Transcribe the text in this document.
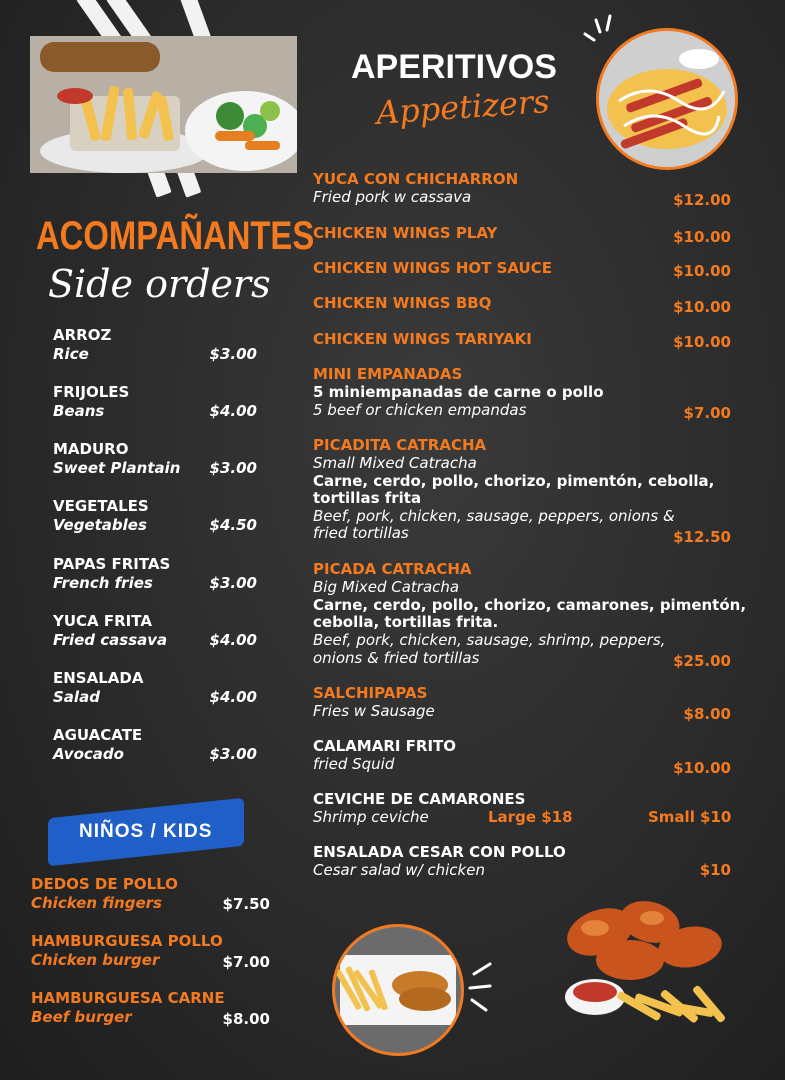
ACOMPAÑANTES
Side orders
ARROZ
Rice	$3.00
FRIJOLES
Beans	$4.00
MADURO
Sweet Plantain	$3.00
VEGETALES
Vegetables	$4.50
PAPAS FRITAS
French fries	$3.00
YUCA FRITA
Fried cassava	$4.00
ENSALADA
Salad	$4.00
AGUACATE
Avocado	$3.00
NIÑOS / KIDS
DEDOS DE POLLO
Chicken fingers	$7.50
HAMBURGUESA POLLO
Chicken burger	$7.00
HAMBURGUESA CARNE
Beef burger	$8.00
APERITIVOS
Appetizers
YUCA CON CHICHARRON
Fried pork w cassava	$12.00
CHICKEN WINGS PLAY	$10.00
CHICKEN WINGS HOT SAUCE	$10.00
CHICKEN WINGS BBQ	$10.00
CHICKEN WINGS TARIYAKI	$10.00
MINI EMPANADAS
5 miniempanadas de carne o pollo
5 beef or chicken empandas	$7.00
PICADITA CATRACHA
Small Mixed Catracha
Carne, cerdo, pollo, chorizo, pimentón, cebolla,
tortillas frita
Beef, pork, chicken, sausage, peppers, onions &
fried tortillas	$12.50
PICADA CATRACHA
Big Mixed Catracha
Carne, cerdo, pollo, chorizo, camarones, pimentón,
cebolla, tortillas frita.
Beef, pork, chicken, sausage, shrimp, peppers,
onions & fried tortillas	$25.00
SALCHIPAPAS
Fries w Sausage	$8.00
CALAMARI FRITO
fried Squid	$10.00
CEVICHE DE CAMARONES
Shrimp ceviche	Large $18	Small $10
ENSALADA CESAR CON POLLO
Cesar salad w/ chicken	$10
